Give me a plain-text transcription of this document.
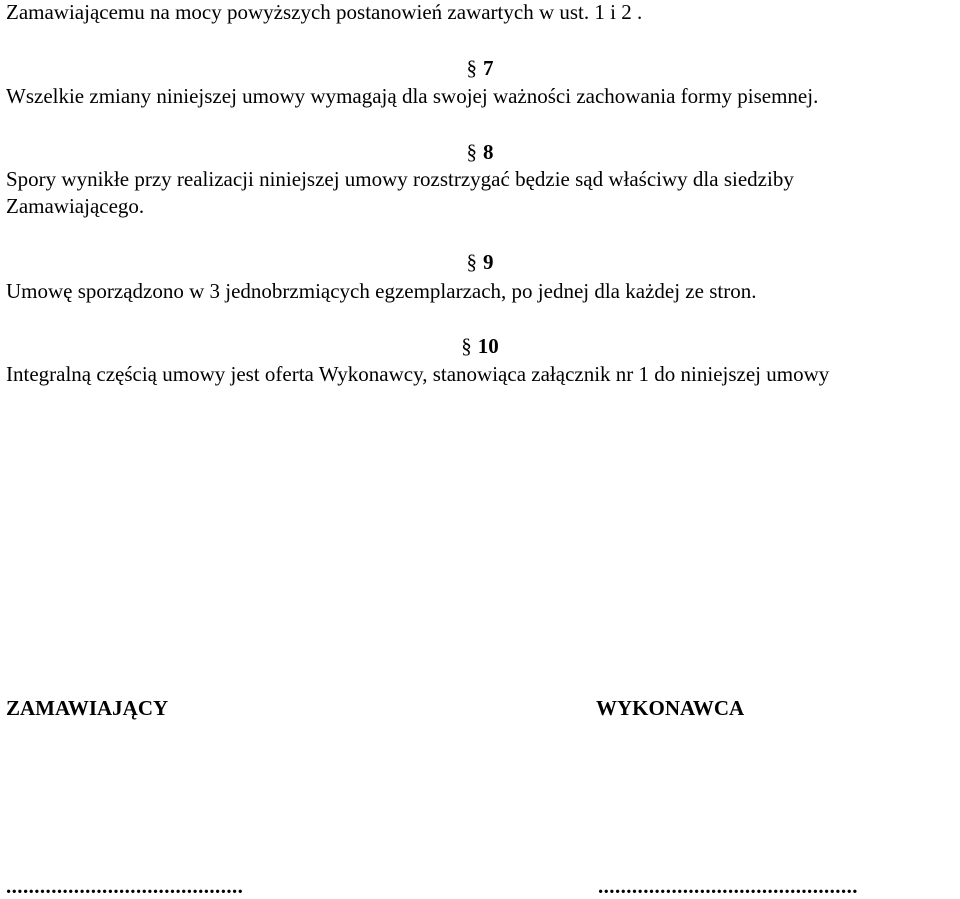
Zamawiającemu na mocy powyższych postanowień zawartych w ust. 1 i 2 .
§ 7
Wszelkie zmiany niniejszej umowy wymagają dla swojej ważności zachowania formy pisemnej.
§ 8
Spory wynikłe przy realizacji niniejszej umowy rozstrzygać będzie sąd właściwy dla siedziby
Zamawiającego.
§ 9
Umowę sporządzono w 3 jednobrzmiących egzemplarzach, po jednej dla każdej ze stron.
§ 10
Integralną częścią umowy jest oferta Wykonawcy, stanowiąca załącznik nr 1 do niniejszej umowy
ZAMAWIAJĄCY	WYKONAWCA
..........................................	..............................................
